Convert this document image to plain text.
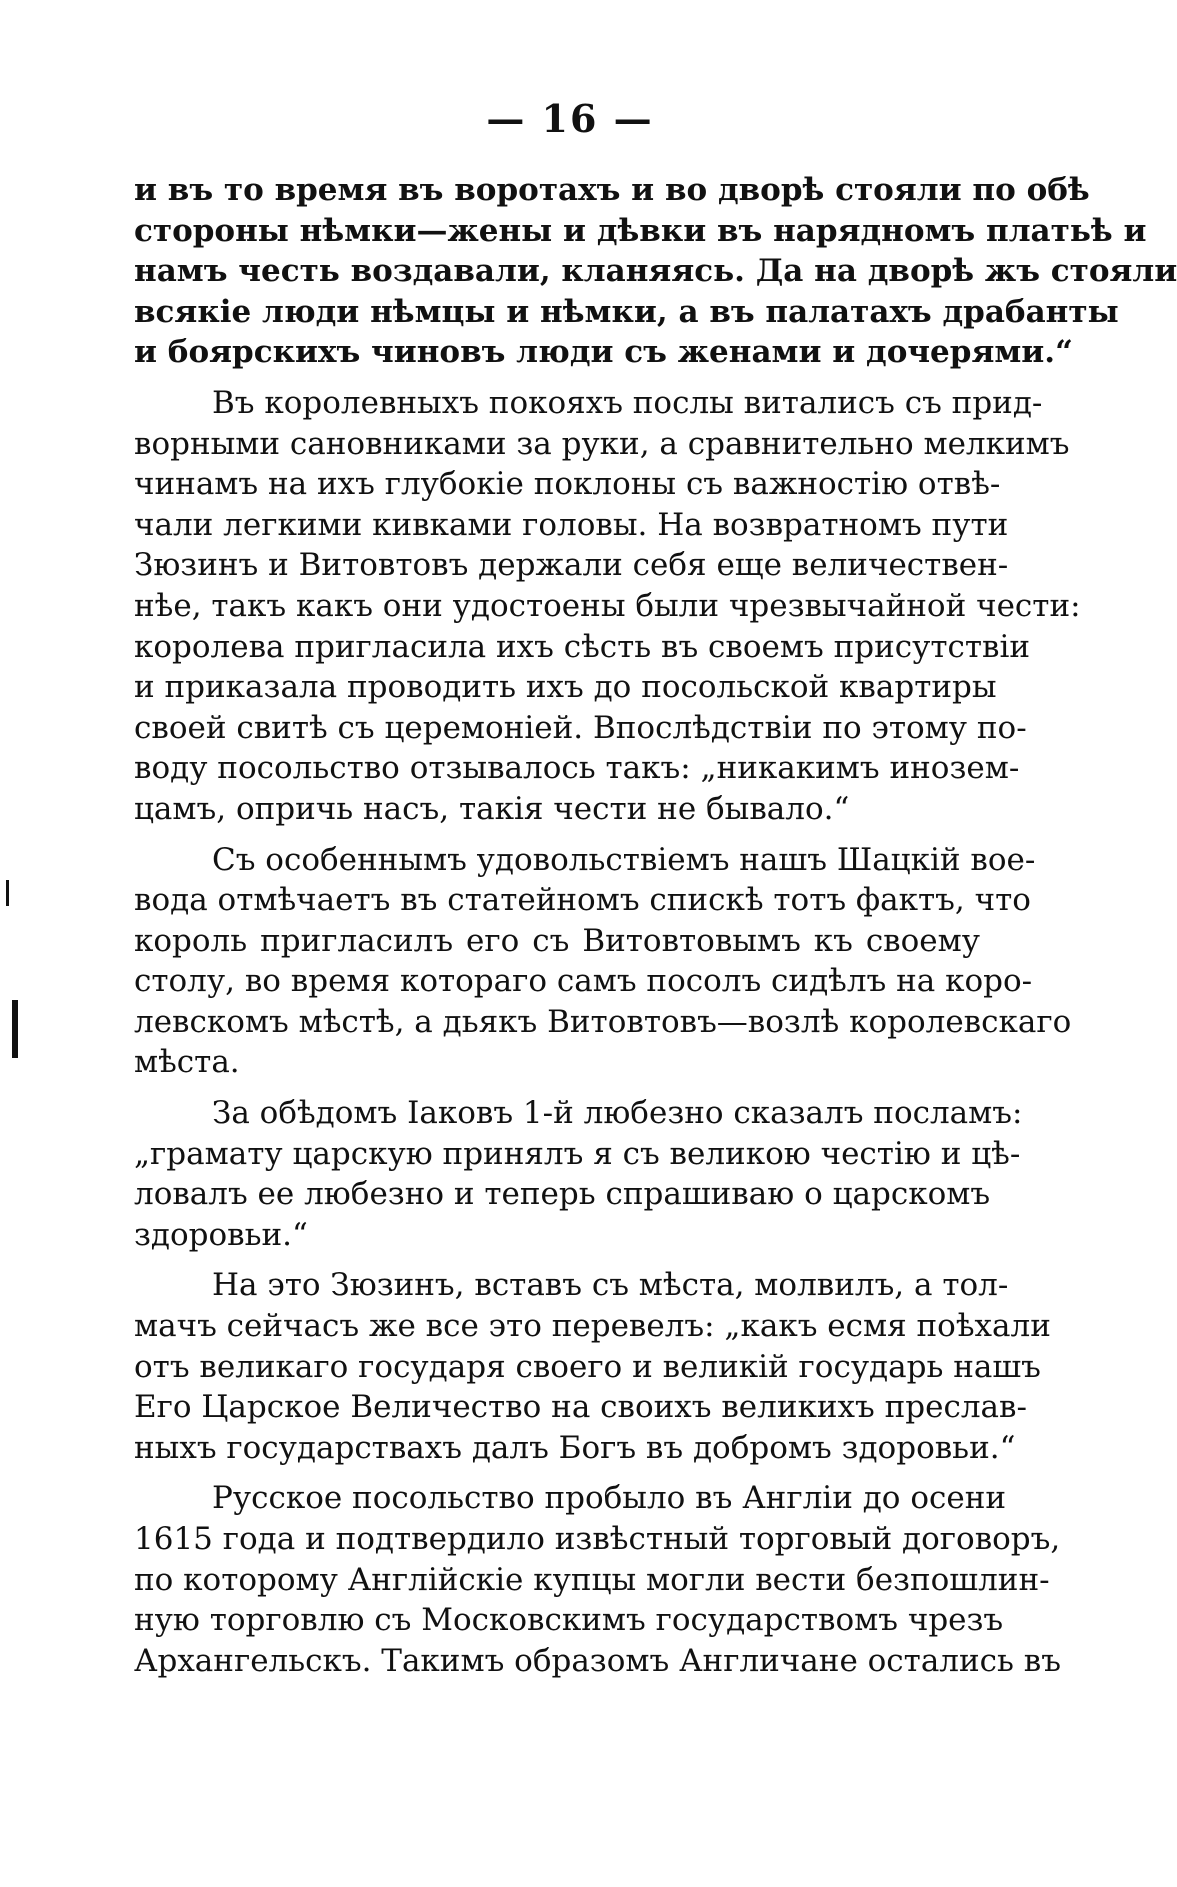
— 16 —
и въ то время въ воротахъ и во дворѣ стояли по обѣ
стороны нѣмки—жены и дѣвки въ нарядномъ платьѣ и
намъ честь воздавали, кланяясь. Да на дворѣ жъ стояли
всякіе люди нѣмцы и нѣмки, а въ палатахъ драбанты
и боярскихъ чиновъ люди съ женами и дочерями.“
Въ королевныхъ покояхъ послы виталисъ съ прид-
ворными сановниками за руки, а сравнительно мелкимъ
чинамъ на ихъ глубокіе поклоны съ важностію отвѣ-
чали легкими кивками головы. На возвратномъ пути
Зюзинъ и Витовтовъ держали себя еще величествен-
нѣе, такъ какъ они удостоены были чрезвычайной чести:
королева пригласила ихъ сѣсть въ своемъ присутствіи
и приказала проводить ихъ до посольской квартиры
своей свитѣ съ церемоніей. Впослѣдствіи по этому по-
воду посольство отзывалось такъ: „никакимъ инозем-
цамъ, опричь насъ, такія чести не бывало.“
Съ особеннымъ удовольствіемъ нашъ Шацкій вое-
вода отмѣчаетъ въ статейномъ спискѣ тотъ фактъ, что
король пригласилъ его съ Витовтовымъ къ своему
столу, во время котораго самъ посолъ сидѣлъ на коро-
левскомъ мѣстѣ, а дьякъ Витовтовъ—возлѣ королевскаго
мѣста.
За обѣдомъ Іаковъ 1-й любезно сказалъ посламъ:
„грамату царскую принялъ я съ великою честію и цѣ-
ловалъ ее любезно и теперь спрашиваю о царскомъ
здоровьи.“
На это Зюзинъ, вставъ съ мѣста, молвилъ, а тол-
мачъ сейчасъ же все это перевелъ: „какъ есмя поѣхали
отъ великаго государя своего и великій государь нашъ
Его Царское Величество на своихъ великихъ преслав-
ныхъ государствахъ далъ Богъ въ добромъ здоровьи.“
Русское посольство пробыло въ Англіи до осени
1615 года и подтвердило извѣстный торговый договоръ,
по которому Англійскіе купцы могли вести безпошлин-
ную торговлю съ Московскимъ государствомъ чрезъ
Архангельскъ. Такимъ образомъ Англичане остались въ
